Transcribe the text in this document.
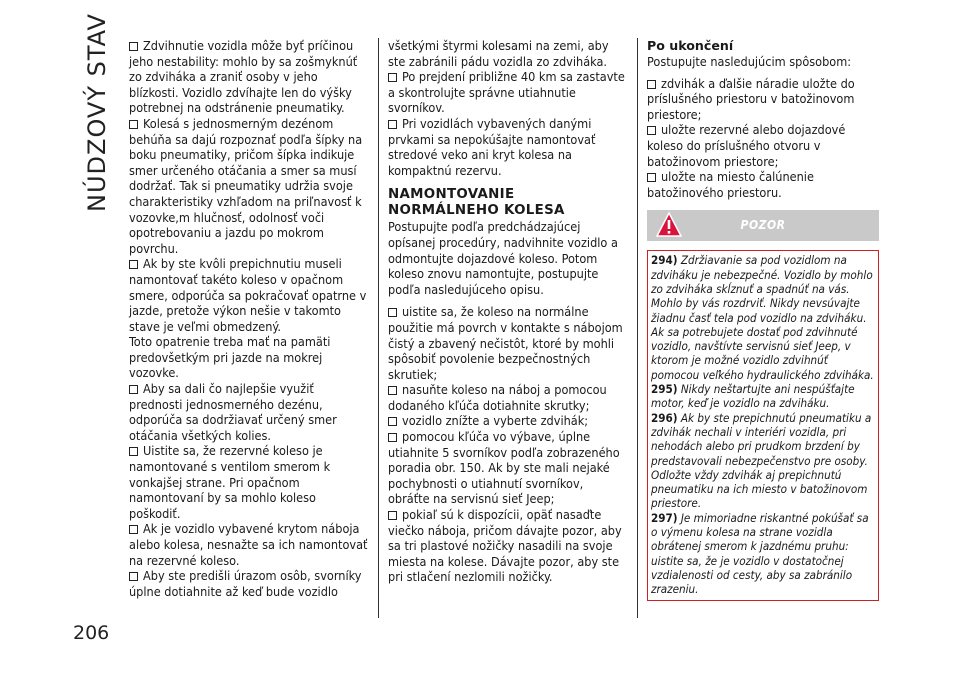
NÚDZOVÝ STAV
206

Zdvihnutie vozidla môže byť príčinou jeho nestability: mohlo by sa zošmyknúť zo zdviháka a zraniť osoby v jeho blízkosti. Vozidlo zdvíhajte len do výšky potrebnej na odstránenie pneumatiky.

Kolesá s jednosmerným dezénom behúňa sa dajú rozpoznať podľa šípky na boku pneumatiky, pričom šípka indikuje smer určeného otáčania a smer sa musí dodržať. Tak si pneumatiky udržia svoje charakteristiky vzhľadom na priľnavosť k vozovke,m hlučnosť, odolnosť voči opotrebovaniu a jazdu po mokrom povrchu.

Ak by ste kvôli prepichnutiu museli namontovať takéto koleso v opačnom smere, odporúča sa pokračovať opatrne v jazde, pretože výkon nešie v takomto stave je veľmi obmedzený.

Toto opatrenie treba mať na pamäti predovšetkým pri jazde na mokrej vozovke.

Aby sa dali čo najlepšie využiť prednosti jednosmerného dezénu, odporúča sa dodržiavať určený smer otáčania všetkých kolies.

Uistite sa, že rezervné koleso je namontované s ventilom smerom k vonkajšej strane. Pri opačnom namontovaní by sa mohlo koleso poškodiť.

Ak je vozidlo vybavené krytom náboja alebo kolesa, nesnažte sa ich namontovať na rezervné koleso.

Aby ste predišli úrazom osôb, svorníky úplne dotiahnite až keď bude vozidlo

všetkými štyrmi kolesami na zemi, aby ste zabránili pádu vozidla zo zdviháka.

Po prejdení približne 40 km sa zastavte a skontrolujte správne utiahnutie svorníkov.

Pri vozidlách vybavených danými prvkami sa nepokúšajte namontovať stredové veko ani kryt kolesa na kompaktnú rezervu.

NAMONTOVANIE NORMÁLNEHO KOLESA

Postupujte podľa predchádzajúcej opísanej procedúry, nadvihnite vozidlo a odmontujte dojazdové koleso. Potom koleso znovu namontujte, postupujte podľa nasledujúceho opisu.

uistite sa, že koleso na normálne použitie má povrch v kontakte s nábojom čistý a zbavený nečistôt, ktoré by mohli spôsobiť povolenie bezpečnostných skrutiek;

nasuňte koleso na náboj a pomocou dodaného kľúča dotiahnite skrutky;

vozidlo znížte a vyberte zdvihák;

pomocou kľúča vo výbave, úplne utiahnite 5 svorníkov podľa zobrazeného poradia obr. 150. Ak by ste mali nejaké pochybnosti o utiahnutí svorníkov, obráťte na servisnú sieť Jeep;

pokiaľ sú k dispozícii, opäť nasaďte viečko náboja, pričom dávajte pozor, aby sa tri plastové nožičky nasadili na svoje miesta na kolese. Dávajte pozor, aby ste pri stlačení nezlomili nožičky.

Po ukončení

Postupujte nasledujúcim spôsobom:

zdvihák a ďalšie náradie uložte do príslušného priestoru v batožinovom priestore;

uložte rezervné alebo dojazdové koleso do príslušného otvoru v batožinovom priestore;

uložte na miesto čalúnenie batožinového priestoru.

POZOR

294) Zdržiavanie sa pod vozidlom na zdviháku je nebezpečné. Vozidlo by mohlo zo zdviháka skĺznuť a spadnúť na vás. Mohlo by vás rozdrviť. Nikdy nevsúvajte žiadnu časť tela pod vozidlo na zdviháku. Ak sa potrebujete dostať pod zdvihnuté vozidlo, navštívte servisnú sieť Jeep, v ktorom je možné vozidlo zdvihnúť pomocou veľkého hydraulického zdviháka.

295) Nikdy neštartujte ani nespúšťajte motor, keď je vozidlo na zdviháku.

296) Ak by ste prepichnutú pneumatiku a zdvihák nechali v interiéri vozidla, pri nehodách alebo pri prudkom brzdení by predstavovali nebezpečenstvo pre osoby. Odložte vždy zdvihák aj prepichnutú pneumatiku na ich miesto v batožinovom priestore.

297) Je mimoriadne riskantné pokúšať sa o výmenu kolesa na strane vozidla obrátenej smerom k jazdnému pruhu: uistite sa, že je vozidlo v dostatočnej vzdialenosti od cesty, aby sa zabránilo zrazeniu.
